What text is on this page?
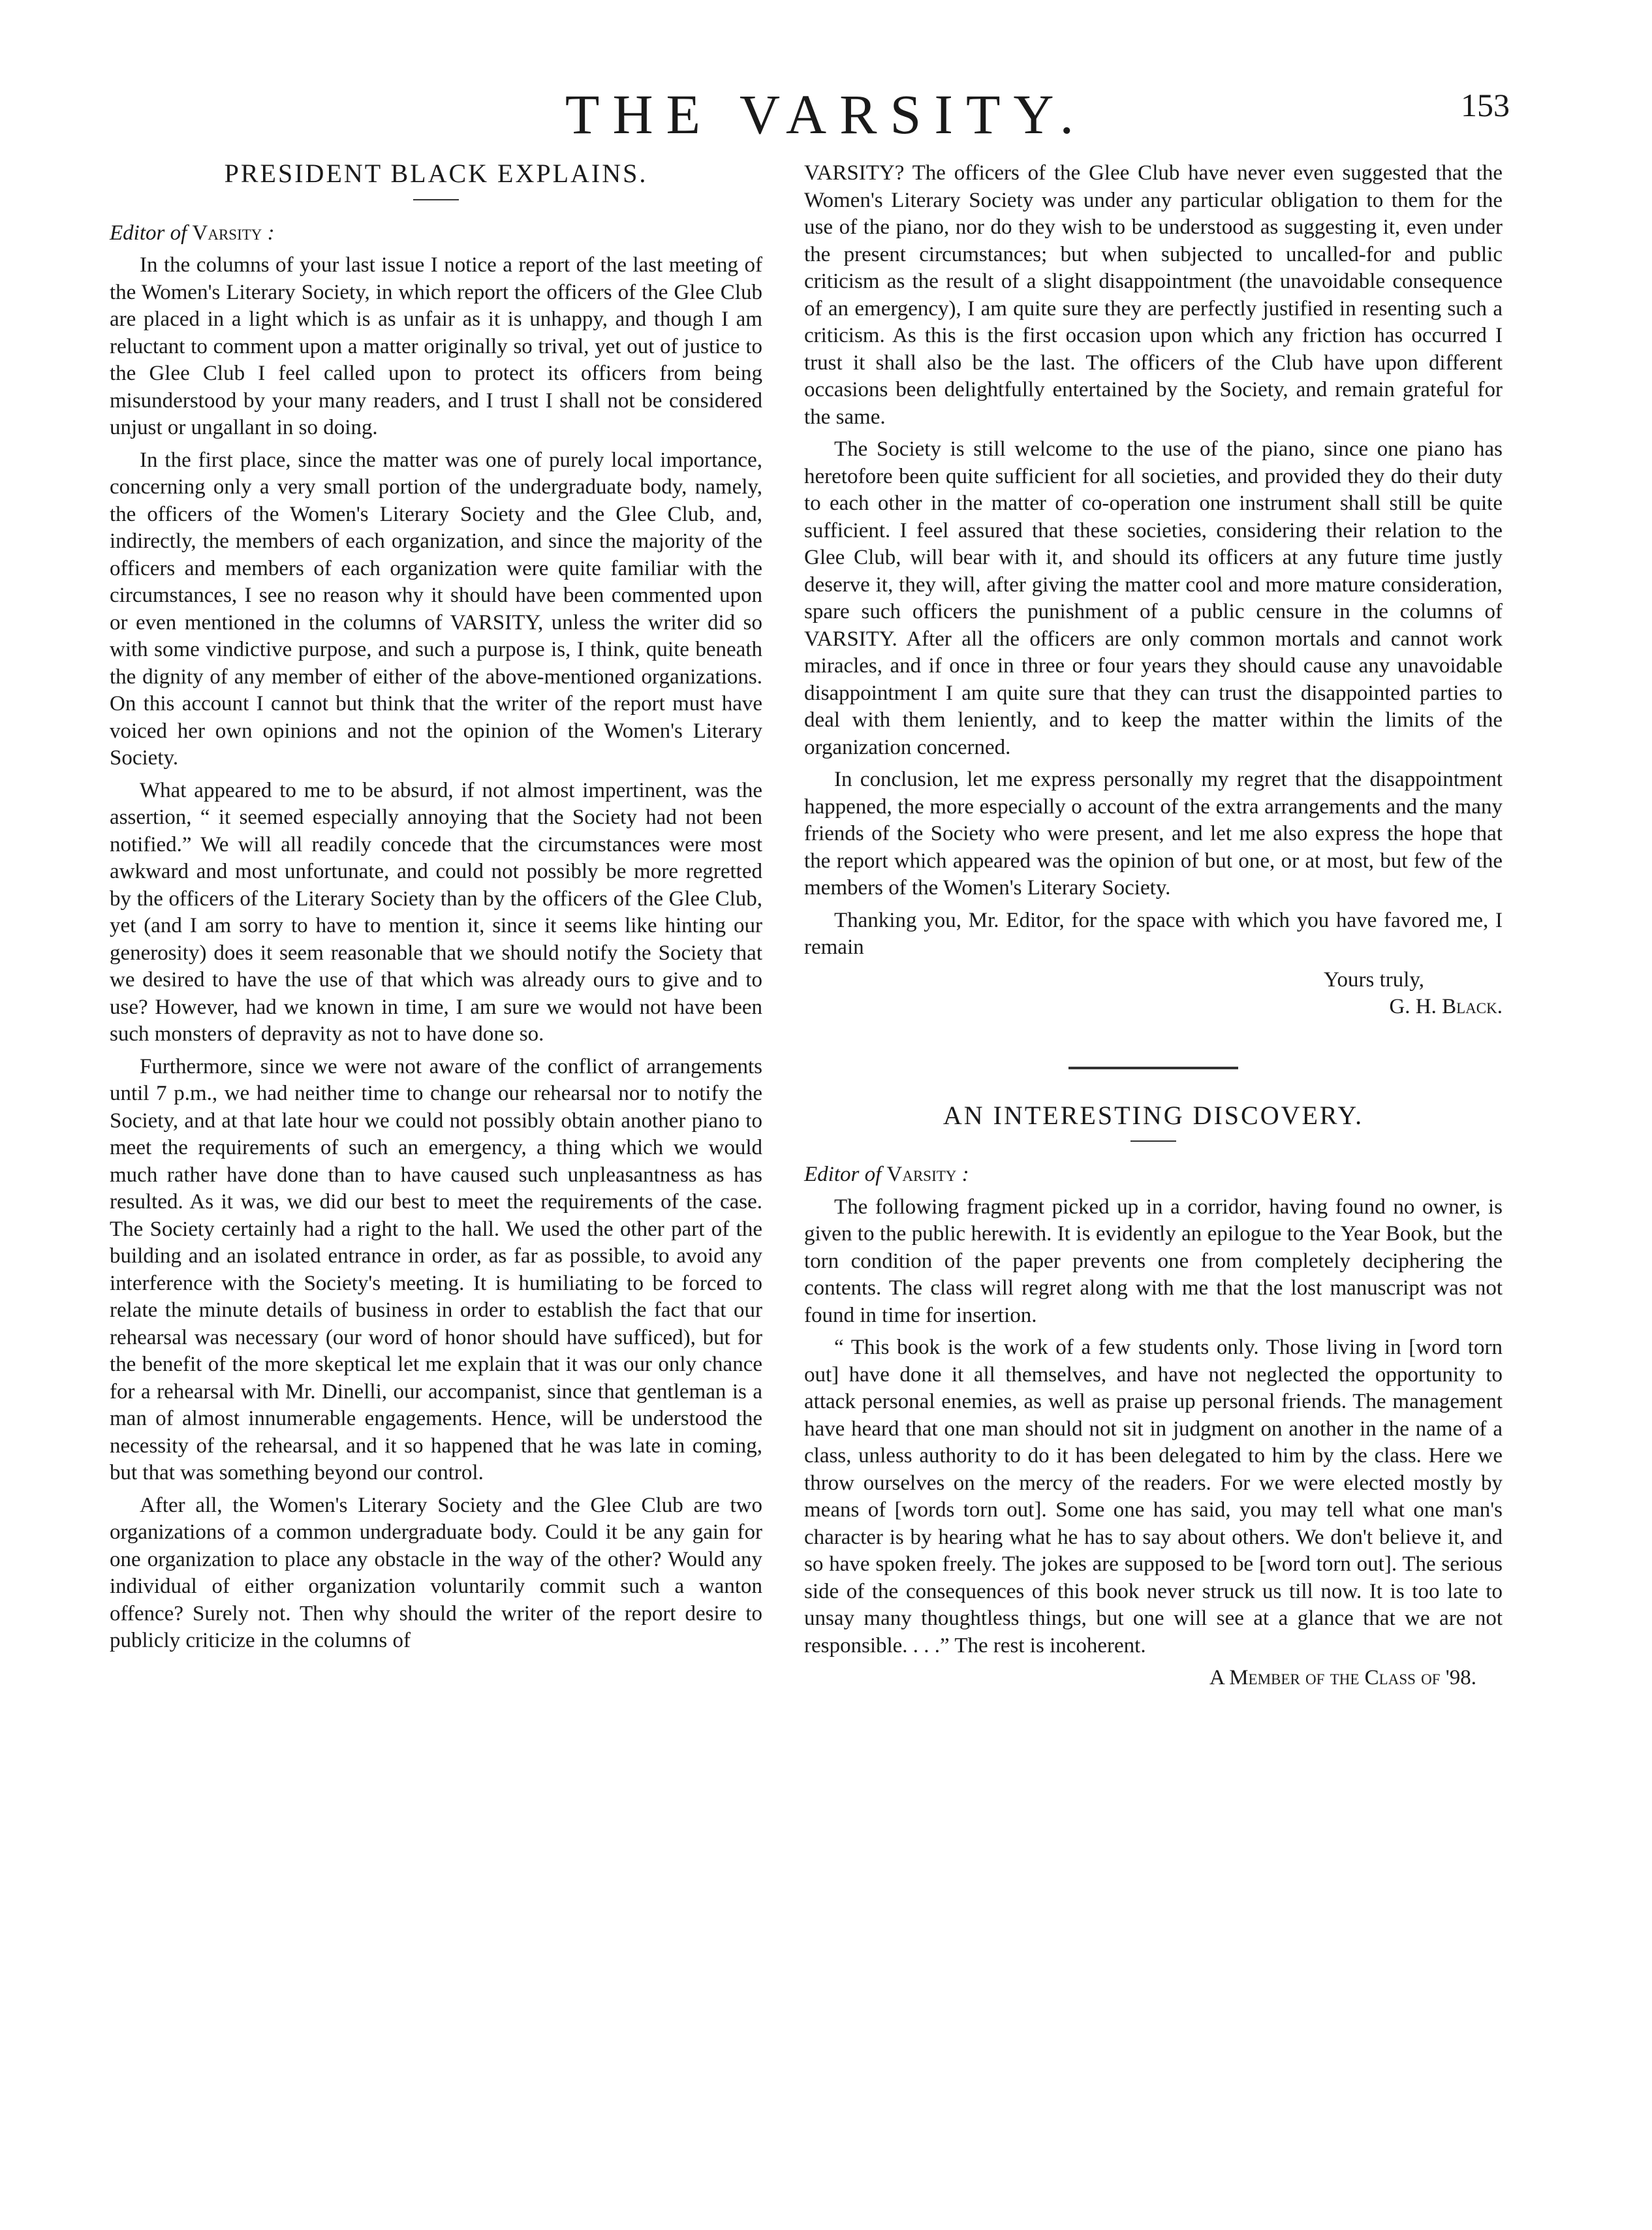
THE VARSITY.	153
PRESIDENT BLACK EXPLAINS.

Editor of Varsity :

In the columns of your last issue I notice a report of the last meeting of the Women's Literary Society, in which report the officers of the Glee Club are placed in a light which is as unfair as it is unhappy, and though I am reluctant to comment upon a matter originally so trival, yet out of justice to the Glee Club I feel called upon to protect its officers from being misunderstood by your many readers, and I trust I shall not be considered unjust or ungallant in so doing.

In the first place, since the matter was one of purely local importance, concerning only a very small portion of the undergraduate body, namely, the officers of the Women's Literary Society and the Glee Club, and, indirectly, the members of each organization, and since the majority of the officers and members of each organization were quite familiar with the circumstances, I see no reason why it should have been commented upon or even mentioned in the columns of VARSITY, unless the writer did so with some vindictive purpose, and such a purpose is, I think, quite beneath the dignity of any member of either of the above-mentioned organizations. On this account I cannot but think that the writer of the report must have voiced her own opinions and not the opinion of the Women's Literary Society.

What appeared to me to be absurd, if not almost impertinent, was the assertion, “ it seemed especially annoying that the Society had not been notified.” We will all readily concede that the circumstances were most awkward and most unfortunate, and could not possibly be more regretted by the officers of the Literary Society than by the officers of the Glee Club, yet (and I am sorry to have to mention it, since it seems like hinting our generosity) does it seem reasonable that we should notify the Society that we desired to have the use of that which was already ours to give and to use? However, had we known in time, I am sure we would not have been such monsters of depravity as not to have done so.

Furthermore, since we were not aware of the conflict of arrangements until 7 p.m., we had neither time to change our rehearsal nor to notify the Society, and at that late hour we could not possibly obtain another piano to meet the requirements of such an emergency, a thing which we would much rather have done than to have caused such unpleasantness as has resulted. As it was, we did our best to meet the requirements of the case. The Society certainly had a right to the hall. We used the other part of the building and an isolated entrance in order, as far as possible, to avoid any interference with the Society's meeting. It is humiliating to be forced to relate the minute details of business in order to establish the fact that our rehearsal was necessary (our word of honor should have sufficed), but for the benefit of the more skeptical let me explain that it was our only chance for a rehearsal with Mr. Dinelli, our accompanist, since that gentleman is a man of almost innumerable engagements. Hence, will be understood the necessity of the rehearsal, and it so happened that he was late in coming, but that was something beyond our control.

After all, the Women's Literary Society and the Glee Club are two organizations of a common undergraduate body. Could it be any gain for one organization to place any obstacle in the way of the other? Would any individual of either organization voluntarily commit such a wanton offence? Surely not. Then why should the writer of the report desire to publicly criticize in the columns of

VARSITY? The officers of the Glee Club have never even suggested that the Women's Literary Society was under any particular obligation to them for the use of the piano, nor do they wish to be understood as suggesting it, even under the present circumstances; but when subjected to uncalled-for and public criticism as the result of a slight disappointment (the unavoidable consequence of an emergency), I am quite sure they are perfectly justified in resenting such a criticism. As this is the first occasion upon which any friction has occurred I trust it shall also be the last. The officers of the Club have upon different occasions been delightfully entertained by the Society, and remain grateful for the same.

The Society is still welcome to the use of the piano, since one piano has heretofore been quite sufficient for all societies, and provided they do their duty to each other in the matter of co-operation one instrument shall still be quite sufficient. I feel assured that these societies, considering their relation to the Glee Club, will bear with it, and should its officers at any future time justly deserve it, they will, after giving the matter cool and more mature consideration, spare such officers the punishment of a public censure in the columns of VARSITY. After all the officers are only common mortals and cannot work miracles, and if once in three or four years they should cause any unavoidable disappointment I am quite sure that they can trust the disappointed parties to deal with them leniently, and to keep the matter within the limits of the organization concerned.

In conclusion, let me express personally my regret that the disappointment happened, the more especially o account of the extra arrangements and the many friends of the Society who were present, and let me also express the hope that the report which appeared was the opinion of but one, or at most, but few of the members of the Women's Literary Society.

Thanking you, Mr. Editor, for the space with which you have favored me, I remain

Yours truly,

G. H. Black.

AN INTERESTING DISCOVERY.

Editor of Varsity :

The following fragment picked up in a corridor, having found no owner, is given to the public herewith. It is evidently an epilogue to the Year Book, but the torn condition of the paper prevents one from completely deciphering the contents. The class will regret along with me that the lost manuscript was not found in time for insertion.

“ This book is the work of a few students only. Those living in [word torn out] have done it all themselves, and have not neglected the opportunity to attack personal enemies, as well as praise up personal friends. The management have heard that one man should not sit in judgment on another in the name of a class, unless authority to do it has been delegated to him by the class. Here we throw ourselves on the mercy of the readers. For we were elected mostly by means of [words torn out]. Some one has said, you may tell what one man's character is by hearing what he has to say about others. We don't believe it, and so have spoken freely. The jokes are supposed to be [word torn out]. The serious side of the consequences of this book never struck us till now. It is too late to unsay many thoughtless things, but one will see at a glance that we are not responsible. . . .” The rest is incoherent.

A Member of the Class of '98.
